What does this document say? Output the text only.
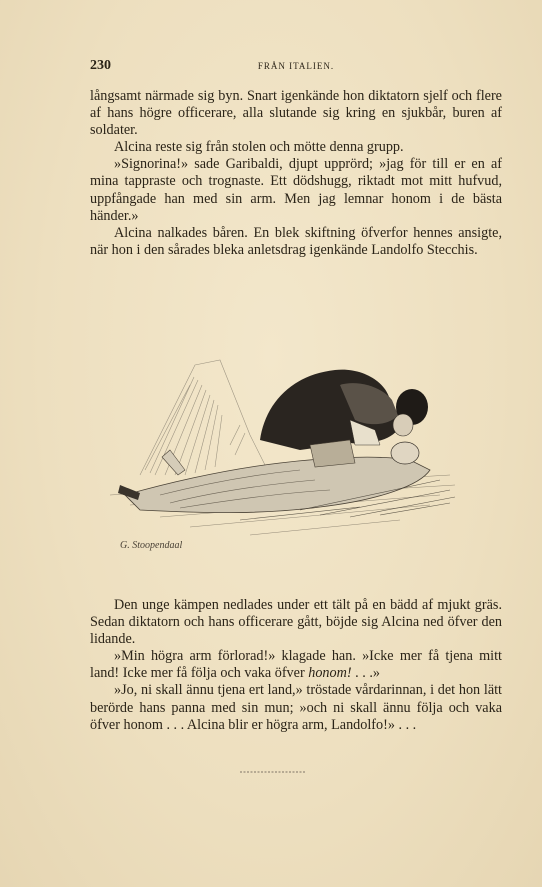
230	FRÅN ITALIEN.

långsamt närmade sig byn. Snart igenkände hon diktatorn sjelf och flere af hans högre officerare, alla slutande sig kring en sjukbår, buren af soldater.

Alcina reste sig från stolen och mötte denna grupp.

»Signorina!» sade Garibaldi, djupt upprörd; »jag för till er en af mina tappraste och trognaste. Ett dödshugg, riktadt mot mitt hufvud, uppfångade han med sin arm. Men jag lemnar honom i de bästa händer.»

Alcina nalkades båren. En blek skiftning öfverfor hennes ansigte, när hon i den sårades bleka anletsdrag igenkände Landolfo Stecchis.

G. Stoopendaal

Den unge kämpen nedlades under ett tält på en bädd af mjukt gräs. Sedan diktatorn och hans officerare gått, böjde sig Alcina ned öfver den lidande.

»Min högra arm förlorad!» klagade han. »Icke mer få tjena mitt land! Icke mer få följa och vaka öfver honom! . . .»

»Jo, ni skall ännu tjena ert land,» tröstade vårdarinnan, i det hon lätt berörde hans panna med sin mun; »och ni skall ännu följa och vaka öfver honom . . . Alcina blir er högra arm, Landolfo!» . . .
